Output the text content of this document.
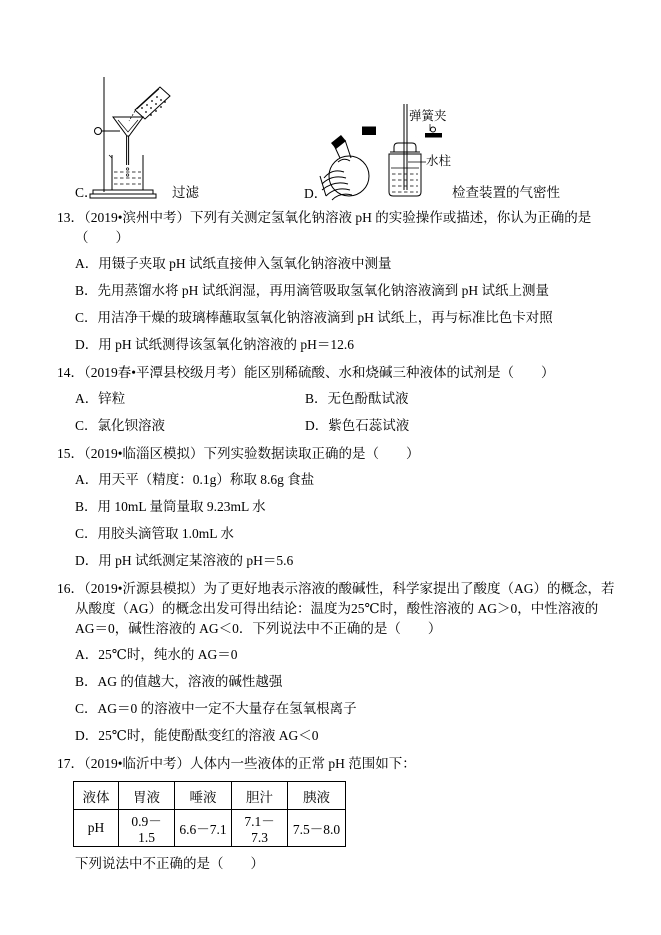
弹簧夹
水柱
C．	过滤	D．	检查装置的气密性

13．（2019•滨州中考）下列有关测定氢氧化钠溶液 pH 的实验操作或描述，你认为正确的是（　　）

A．用镊子夹取 pH 试纸直接伸入氢氧化钠溶液中测量

B．先用蒸馏水将 pH 试纸润湿，再用滴管吸取氢氧化钠溶液滴到 pH 试纸上测量

C．用洁净干燥的玻璃棒蘸取氢氧化钠溶液滴到 pH 试纸上，再与标准比色卡对照

D．用 pH 试纸测得该氢氧化钠溶液的 pH＝12.6

14．（2019春•平潭县校级月考）能区别稀硫酸、水和烧碱三种液体的试剂是（　　）

A．锌粒	B．无色酚酞试液

C．氯化钡溶液	D．紫色石蕊试液

15．（2019•临淄区模拟）下列实验数据读取正确的是（　　）

A．用天平（精度：0.1g）称取 8.6g 食盐

B．用 10mL 量筒量取 9.23mL 水

C．用胶头滴管取 1.0mL 水

D．用 pH 试纸测定某溶液的 pH＝5.6

16．（2019•沂源县模拟）为了更好地表示溶液的酸碱性，科学家提出了酸度（AG）的概念，若从酸度（AG）的概念出发可得出结论：温度为25℃时，酸性溶液的 AG＞0，中性溶液的 AG＝0，碱性溶液的 AG＜0．下列说法中不正确的是（　　）

A．25℃时，纯水的 AG＝0

B．AG 的值越大，溶液的碱性越强

C．AG＝0 的溶液中一定不大量存在氢氧根离子

D．25℃时，能使酚酞变红的溶液 AG＜0

17．（2019•临沂中考）人体内一些液体的正常 pH 范围如下：

液体	胃液	唾液	胆汁	胰液
pH	0.9－1.5	6.6－7.1	7.1－7.3	7.5－8.0

下列说法中不正确的是（　　）
